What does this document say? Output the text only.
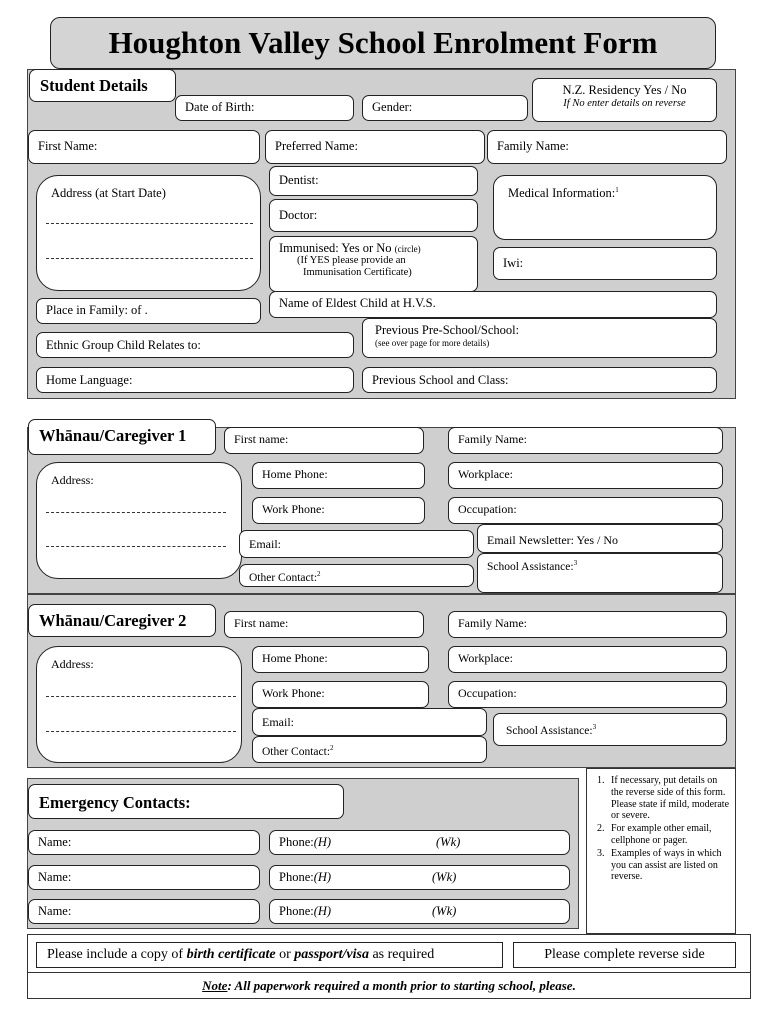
Houghton Valley School Enrolment Form
Student Details
Date of Birth:	Gender:
N.Z. Residency Yes / No
If No enter details on reverse
First Name:	Preferred Name:	Family Name:
Address (at Start Date)
Dentist:
Doctor:
Immunised: Yes or No (circle)
(If YES please provide an
Immunisation Certificate)
Medical Information:$^1$
Iwi:
Place in Family: of .	Name of Eldest Child at H.V.S.
Ethnic Group Child Relates to:
Previous Pre-School/School:
(see over page for more details)
Home Language:	Previous School and Class:
Whānau/Caregiver 1	First name:	Family Name:
Address:	Home Phone:	Workplace:
Work Phone:	Occupation:
Email:	Email Newsletter: Yes / No
Other Contact:$^2$
School Assistance:$^3$
Whānau/Caregiver 2	First name:	Family Name:
Address:	Home Phone:	Workplace:
Work Phone:	Occupation:
Email:
Other Contact:$^2$
School Assistance:$^3$
Emergency Contacts:
Name:	Phone:(H)	(Wk)
Name:	Phone:(H)	(Wk)
Name:	Phone:(H)	(Wk)
1. If necessary, put details on the reverse side of this form. Please state if mild, moderate or severe.
2. For example other email, cellphone or pager.
3. Examples of ways in which you can assist are listed on reverse.
Please include a copy of birth certificate or passport/visa as required	Please complete reverse side
Note: All paperwork required a month prior to starting school, please.
